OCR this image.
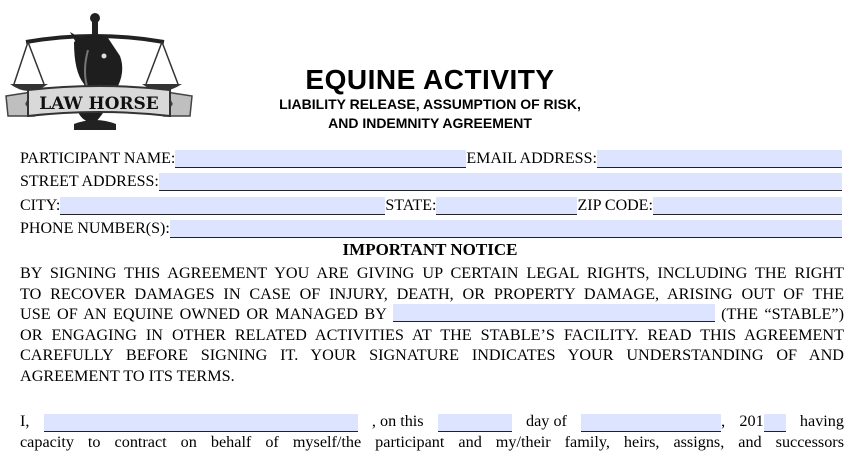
LAW HORSE
EQUINE ACTIVITY
LIABILITY RELEASE, ASSUMPTION OF RISK,
AND INDEMNITY AGREEMENT
PARTICIPANT NAME:	EMAIL ADDRESS:
STREET ADDRESS:
CITY:	STATE:	ZIP CODE:
PHONE NUMBER(S):
IMPORTANT NOTICE
BY SIGNING THIS AGREEMENT YOU ARE GIVING UP CERTAIN LEGAL RIGHTS, INCLUDING THE RIGHT
TO RECOVER DAMAGES IN CASE OF INJURY, DEATH, OR PROPERTY DAMAGE, ARISING OUT OF THE
USE OF AN EQUINE OWNED OR MANAGED BY	(THE “STABLE”)
OR ENGAGING IN OTHER RELATED ACTIVITIES AT THE STABLE’S FACILITY. READ THIS AGREEMENT
CAREFULLY BEFORE SIGNING IT. YOUR SIGNATURE INDICATES YOUR UNDERSTANDING OF AND
AGREEMENT TO ITS TERMS.
I,	, on this	day of	, 201 having
capacity to contract on behalf of myself/the participant and my/their family, heirs, assigns, and successors
